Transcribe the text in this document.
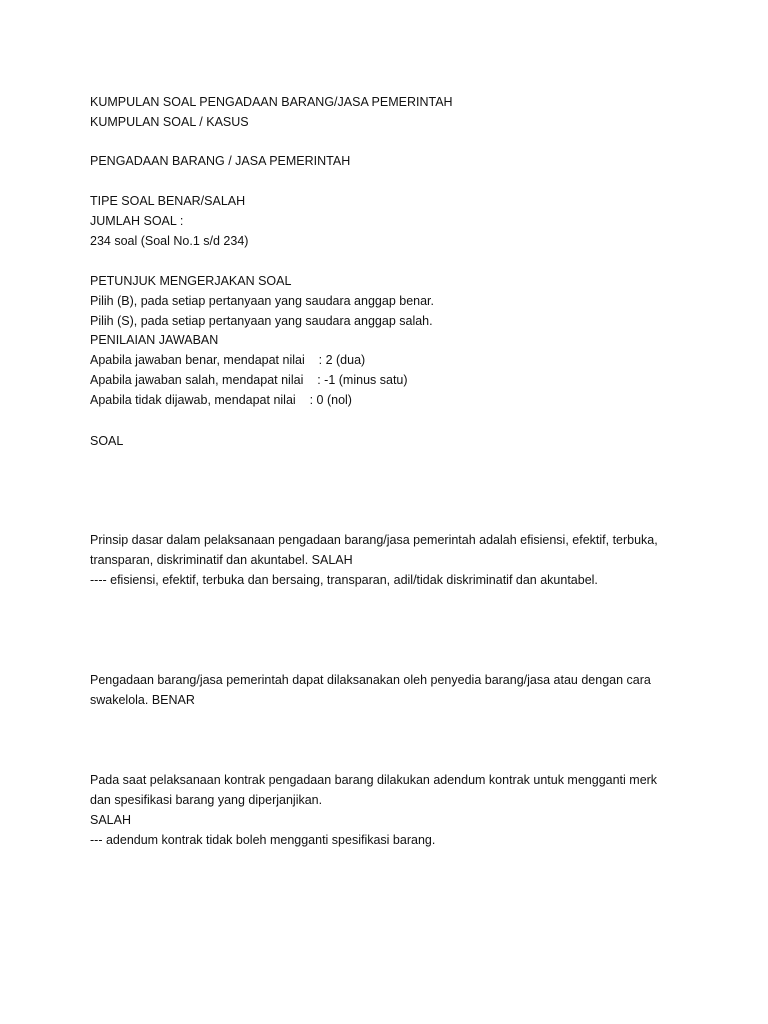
KUMPULAN SOAL PENGADAAN BARANG/JASA PEMERINTAH
KUMPULAN SOAL / KASUS
PENGADAAN BARANG / JASA PEMERINTAH
TIPE SOAL BENAR/SALAH
JUMLAH SOAL :
234 soal (Soal No.1 s/d 234)
PETUNJUK MENGERJAKAN SOAL
Pilih (B), pada setiap pertanyaan yang saudara anggap benar.
Pilih (S), pada setiap pertanyaan yang saudara anggap salah.
PENILAIAN JAWABAN
Apabila jawaban benar, mendapat nilai    : 2 (dua)
Apabila jawaban salah, mendapat nilai    : -1 (minus satu)
Apabila tidak dijawab, mendapat nilai    : 0 (nol)
SOAL
Prinsip dasar dalam pelaksanaan pengadaan barang/jasa pemerintah adalah efisiensi, efektif, terbuka,
transparan, diskriminatif dan akuntabel. SALAH
---- efisiensi, efektif, terbuka dan bersaing, transparan, adil/tidak diskriminatif dan akuntabel.
Pengadaan barang/jasa pemerintah dapat dilaksanakan oleh penyedia barang/jasa atau dengan cara
swakelola. BENAR
Pada saat pelaksanaan kontrak pengadaan barang dilakukan adendum kontrak untuk mengganti merk
dan spesifikasi barang yang diperjanjikan.
SALAH
--- adendum kontrak tidak boleh mengganti spesifikasi barang.
